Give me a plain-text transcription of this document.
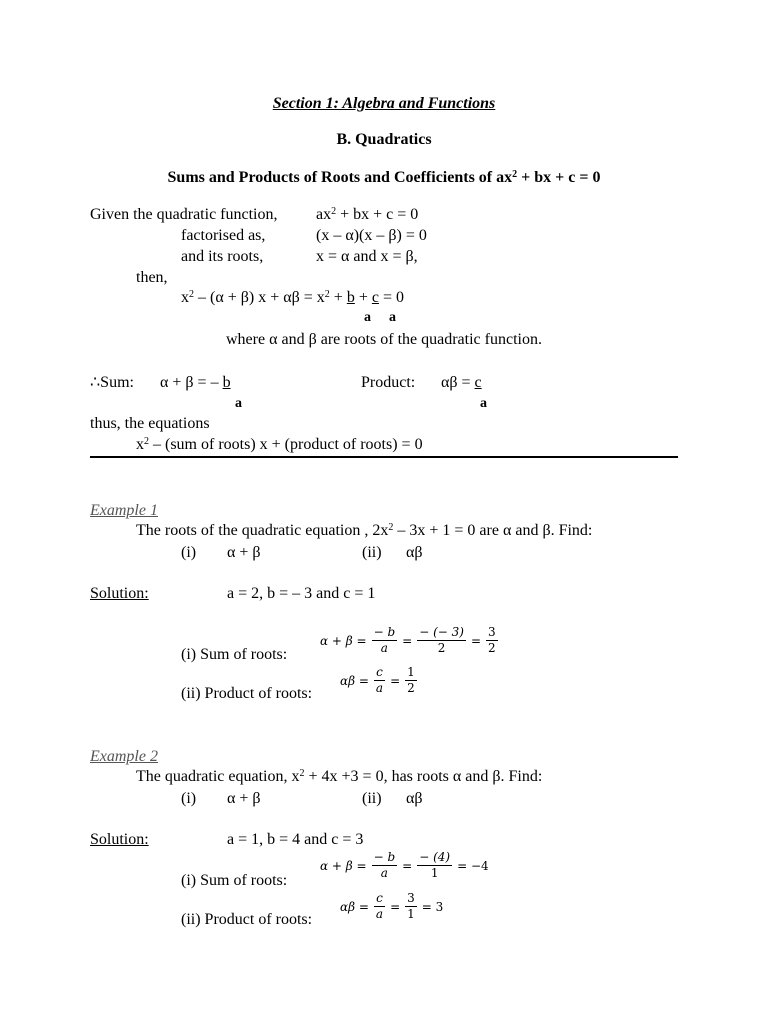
Section 1: Algebra and Functions
B. Quadratics
Sums and Products of Roots and Coefficients of $ax^2$ + bx + c = 0
Given the quadratic function, $ax^2$ + bx + c = 0
factorised as,	(x – α)(x – β) = 0
and its roots,	x = α and x = β,
then,
$x^2 - (\alpha + \beta) x + \alpha\beta = x^2 + b + c = 0$
a a
where α and β are roots of the quadratic function.
∴Sum: α + β = – b
a
Product: αβ = c
a
thus, the equations
$x^2 - (sum$ of roots) x + (product of roots) = 0
Example 1
The roots of the quadratic equation , $2x^2 - 3x + 1 = 0$ are α and β. Find:
(i) α + β	(ii) αβ
Solution:	a = 2, b = – 3 and c = 1
(i) Sum of roots:
$\alpha + \beta = \frac{- b}{a} = \frac{- (- 3)}{2} = \frac{3}{2}$
(ii) Product of roots:
$\alpha\beta = \frac{c}{a} = \frac{1}{2}$
Example 2
The quadratic equation, $x^2 + 4x +3 = 0$, has roots α and β. Find:
(i) α + β	(ii) αβ
Solution:	a = 1, b = 4 and c = 3
(i) Sum of roots:
$\alpha + \beta = \frac{- b}{a} = \frac{- (4)}{1} = -4$
(ii) Product of roots:
$\alpha\beta = \frac{c}{a} = \frac{3}{1} = 3$
